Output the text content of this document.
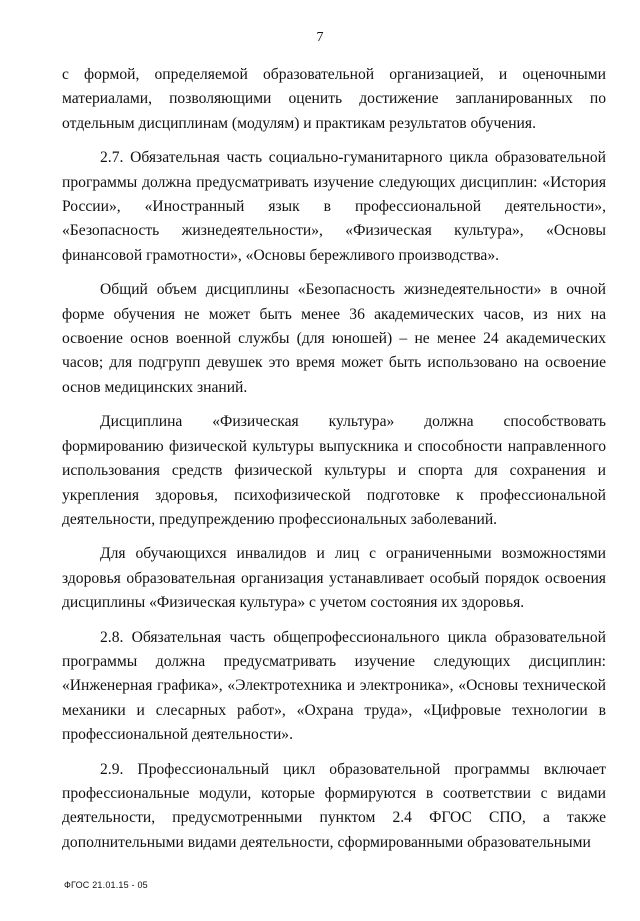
7

с формой, определяемой образовательной организацией, и оценочными материалами, позволяющими оценить достижение запланированных по отдельным дисциплинам (модулям) и практикам результатов обучения.

2.7. Обязательная часть социально-гуманитарного цикла образовательной программы должна предусматривать изучение следующих дисциплин: «История России», «Иностранный язык в профессиональной деятельности», «Безопасность жизнедеятельности», «Физическая культура», «Основы финансовой грамотности», «Основы бережливого производства».

Общий объем дисциплины «Безопасность жизнедеятельности» в очной форме обучения не может быть менее 36 академических часов, из них на освоение основ военной службы (для юношей) – не менее 24 академических часов; для подгрупп девушек это время может быть использовано на освоение основ медицинских знаний.

Дисциплина «Физическая культура» должна способствовать формированию физической культуры выпускника и способности направленного использования средств физической культуры и спорта для сохранения и укрепления здоровья, психофизической подготовке к профессиональной деятельности, предупреждению профессиональных заболеваний.

Для обучающихся инвалидов и лиц с ограниченными возможностями здоровья образовательная организация устанавливает особый порядок освоения дисциплины «Физическая культура» с учетом состояния их здоровья.

2.8. Обязательная часть общепрофессионального цикла образовательной программы должна предусматривать изучение следующих дисциплин: «Инженерная графика», «Электротехника и электроника», «Основы технической механики и слесарных работ», «Охрана труда», «Цифровые технологии в профессиональной деятельности».

2.9. Профессиональный цикл образовательной программы включает профессиональные модули, которые формируются в соответствии с видами деятельности, предусмотренными пунктом 2.4 ФГОС СПО, а также дополнительными видами деятельности, сформированными образовательными

ФГОС 21.01.15 - 05
